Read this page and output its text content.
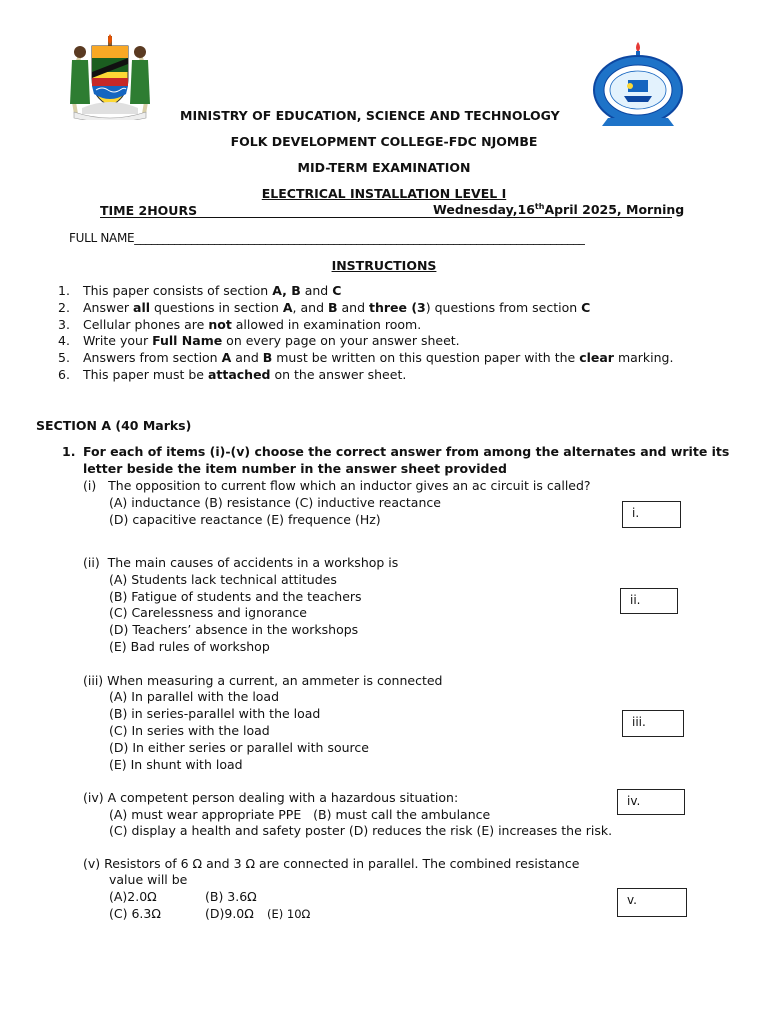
MINISTRY OF EDUCATION, SCIENCE AND TECHNOLOGY
FOLK DEVELOPMENT COLLEGE-FDC NJOMBE
MID-TERM EXAMINATION
ELECTRICAL INSTALLATION LEVEL I
TIME 2HOURS	Wednesday,16thApril 2025, Morning
FULL NAME_______________________________________________________________________________
INSTRUCTIONS
1. This paper consists of section A, B and C
2. Answer all questions in section A, and B and three (3) questions from section C
3. Cellular phones are not allowed in examination room.
4. Write your Full Name on every page on your answer sheet.
5. Answers from section A and B must be written on this question paper with the clear marking.
6. This paper must be attached on the answer sheet.
SECTION A (40 Marks)
1. For each of items (i)-(v) choose the correct answer from among the alternates and write its
letter beside the item number in the answer sheet provided
(i)   The opposition to current flow which an inductor gives an ac circuit is called?
(A) inductance (B) resistance (C) inductive reactance
(D) capacitive reactance (E) frequence (Hz)	i.
(ii)  The main causes of accidents in a workshop is
(A) Students lack technical attitudes
(B) Fatigue of students and the teachers
(C) Carelessness and ignorance
(D) Teachers’ absence in the workshops
(E) Bad rules of workshop
ii.
(iii) When measuring a current, an ammeter is connected
(A) In parallel with the load
(B) in series-parallel with the load
(C) In series with the load
(D) In either series or parallel with source
(E) In shunt with load
iii.
(iv) A competent person dealing with a hazardous situation:
(A) must wear appropriate PPE   (B) must call the ambulance
(C) display a health and safety poster (D) reduces the risk (E) increases the risk.
iv.
(v) Resistors of 6 Ω and 3 Ω are connected in parallel. The combined resistance
value will be
(A)2.0Ω	(B) 3.6Ω
(C) 6.3Ω	(D)9.0Ω (E) 10Ω
v.
